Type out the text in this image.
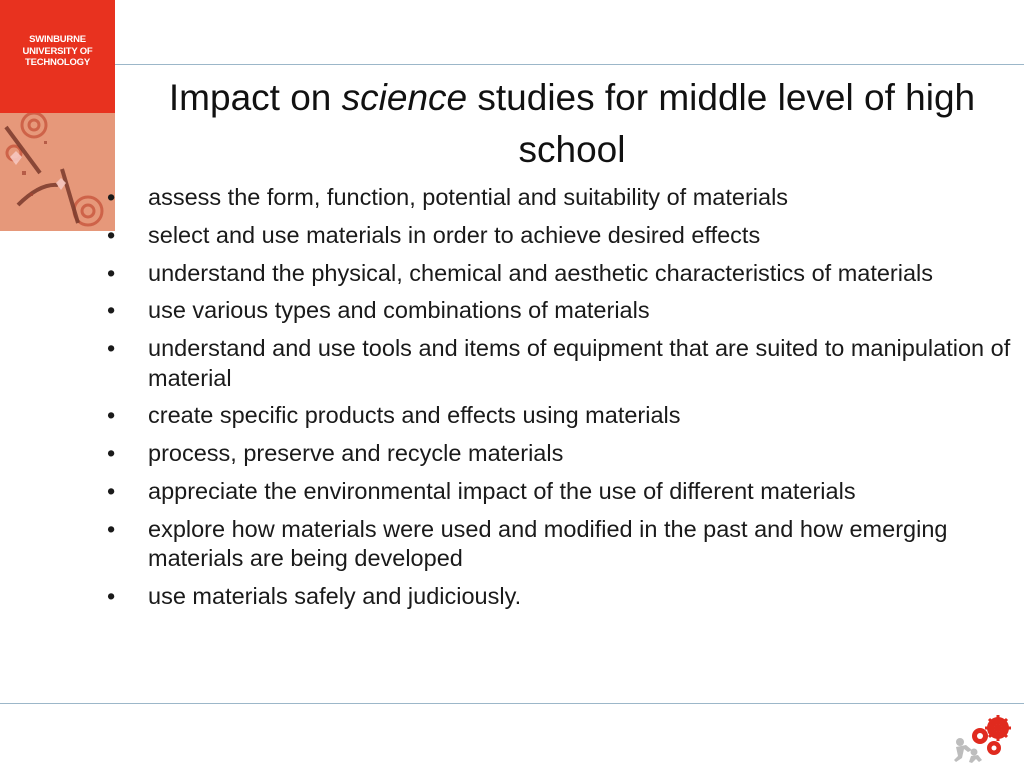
SWINBURNE
UNIVERSITY OF
TECHNOLOGY
Impact on science studies for middle level of high school
• assess the form, function, potential and suitability of materials
• select and use materials in order to achieve desired effects
• understand the physical, chemical and aesthetic characteristics of materials
• use various types and combinations of materials
• understand and use tools and items of equipment that are suited to manipulation of material
• create specific products and effects using materials
• process, preserve and recycle materials
• appreciate the environmental impact of the use of different materials
• explore how materials were used and modified in the past and how emerging materials are being developed
• use materials safely and judiciously.
